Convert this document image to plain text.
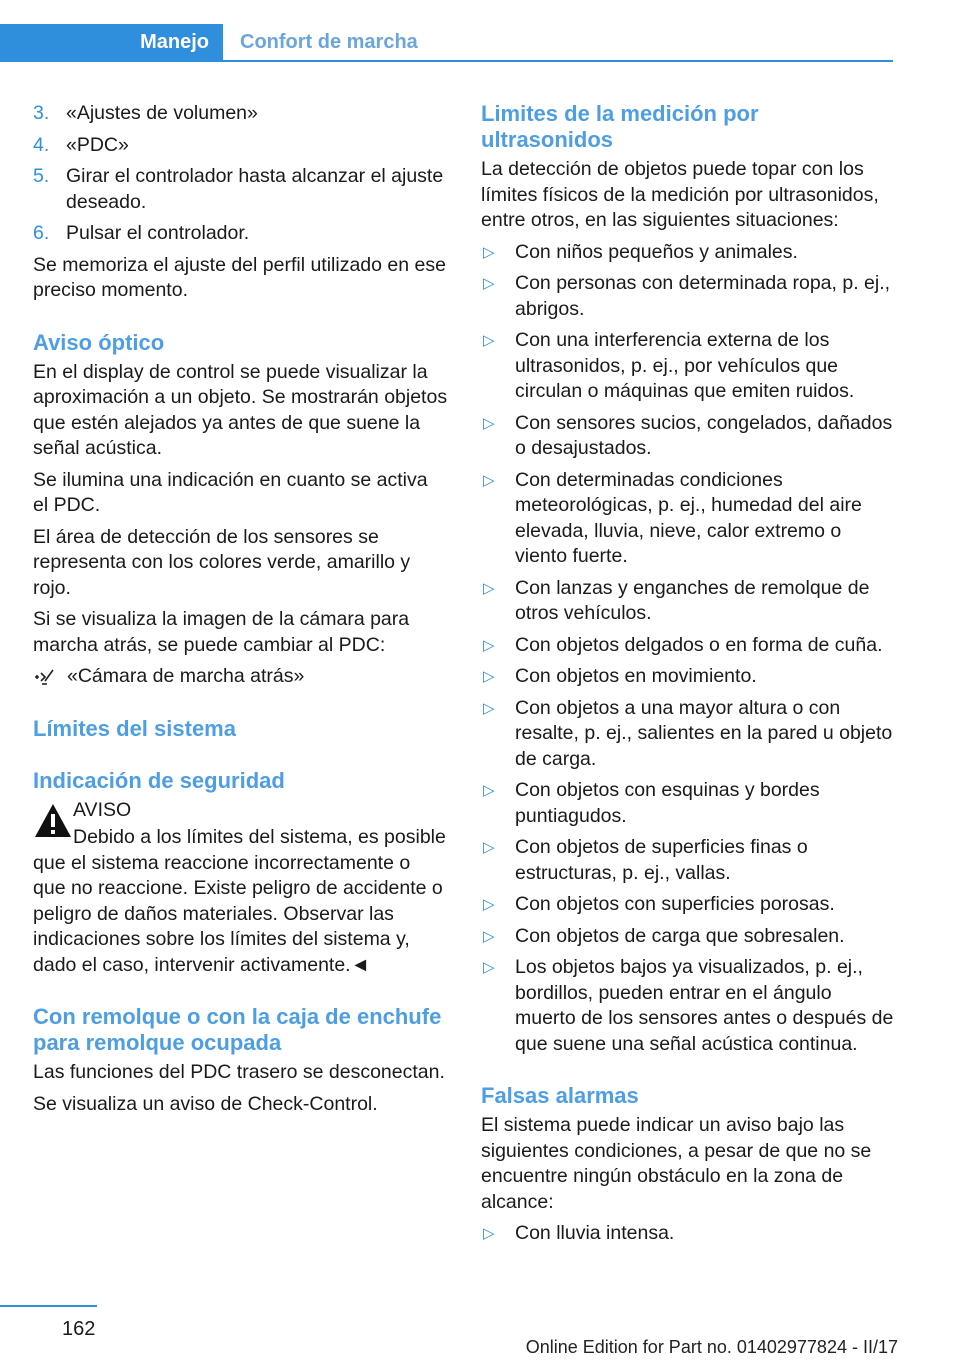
Manejo	Confort de marcha
3. «Ajustes de volumen»
4. «PDC»
5. Girar el controlador hasta alcanzar el ajuste deseado.
6. Pulsar el controlador.

Se memoriza el ajuste del perfil utilizado en ese preciso momento.

Aviso óptico

En el display de control se puede visualizar la aproximación a un objeto. Se mostrarán objetos que estén alejados ya antes de que suene la señal acústica.

Se ilumina una indicación en cuanto se activa el PDC.

El área de detección de los sensores se representa con los colores verde, amarillo y rojo.

Si se visualiza la imagen de la cámara para marcha atrás, se puede cambiar al PDC:

«Cámara de marcha atrás»
Límites del sistema
Indicación de seguridad
AVISO

Debido a los límites del sistema, es posible que el sistema reaccione incorrectamente o que no reaccione. Existe peligro de accidente o peligro de daños materiales. Observar las indicaciones sobre los límites del sistema y, dado el caso, intervenir activamente.◄

Con remolque o con la caja de enchufe para remolque ocupada

Las funciones del PDC trasero se desconectan.

Se visualiza un aviso de Check-Control.

Limites de la medición por ultrasonidos

La detección de objetos puede topar con los límites físicos de la medición por ultrasonidos, entre otros, en las siguientes situaciones:

▷	Con niños pequeños y animales.
▷	Con personas con determinada ropa, p. ej., abrigos.
▷	Con una interferencia externa de los ultrasonidos, p. ej., por vehículos que circulan o máquinas que emiten ruidos.
▷	Con sensores sucios, congelados, dañados o desajustados.
▷	Con determinadas condiciones meteorológicas, p. ej., humedad del aire elevada, lluvia, nieve, calor extremo o viento fuerte.
▷	Con lanzas y enganches de remolque de otros vehículos.
▷	Con objetos delgados o en forma de cuña.
▷	Con objetos en movimiento.
▷	Con objetos a una mayor altura o con resalte, p. ej., salientes en la pared u objeto de carga.
▷	Con objetos con esquinas y bordes puntiagudos.
▷	Con objetos de superficies finas o estructuras, p. ej., vallas.
▷	Con objetos con superficies porosas.
▷	Con objetos de carga que sobresalen.
▷	Los objetos bajos ya visualizados, p. ej., bordillos, pueden entrar en el ángulo muerto de los sensores antes o después de que suene una señal acústica continua.
Falsas alarmas

El sistema puede indicar un aviso bajo las siguientes condiciones, a pesar de que no se encuentre ningún obstáculo en la zona de alcance:

▷	Con lluvia intensa.
162
Online Edition for Part no. 01402977824 - II/17
